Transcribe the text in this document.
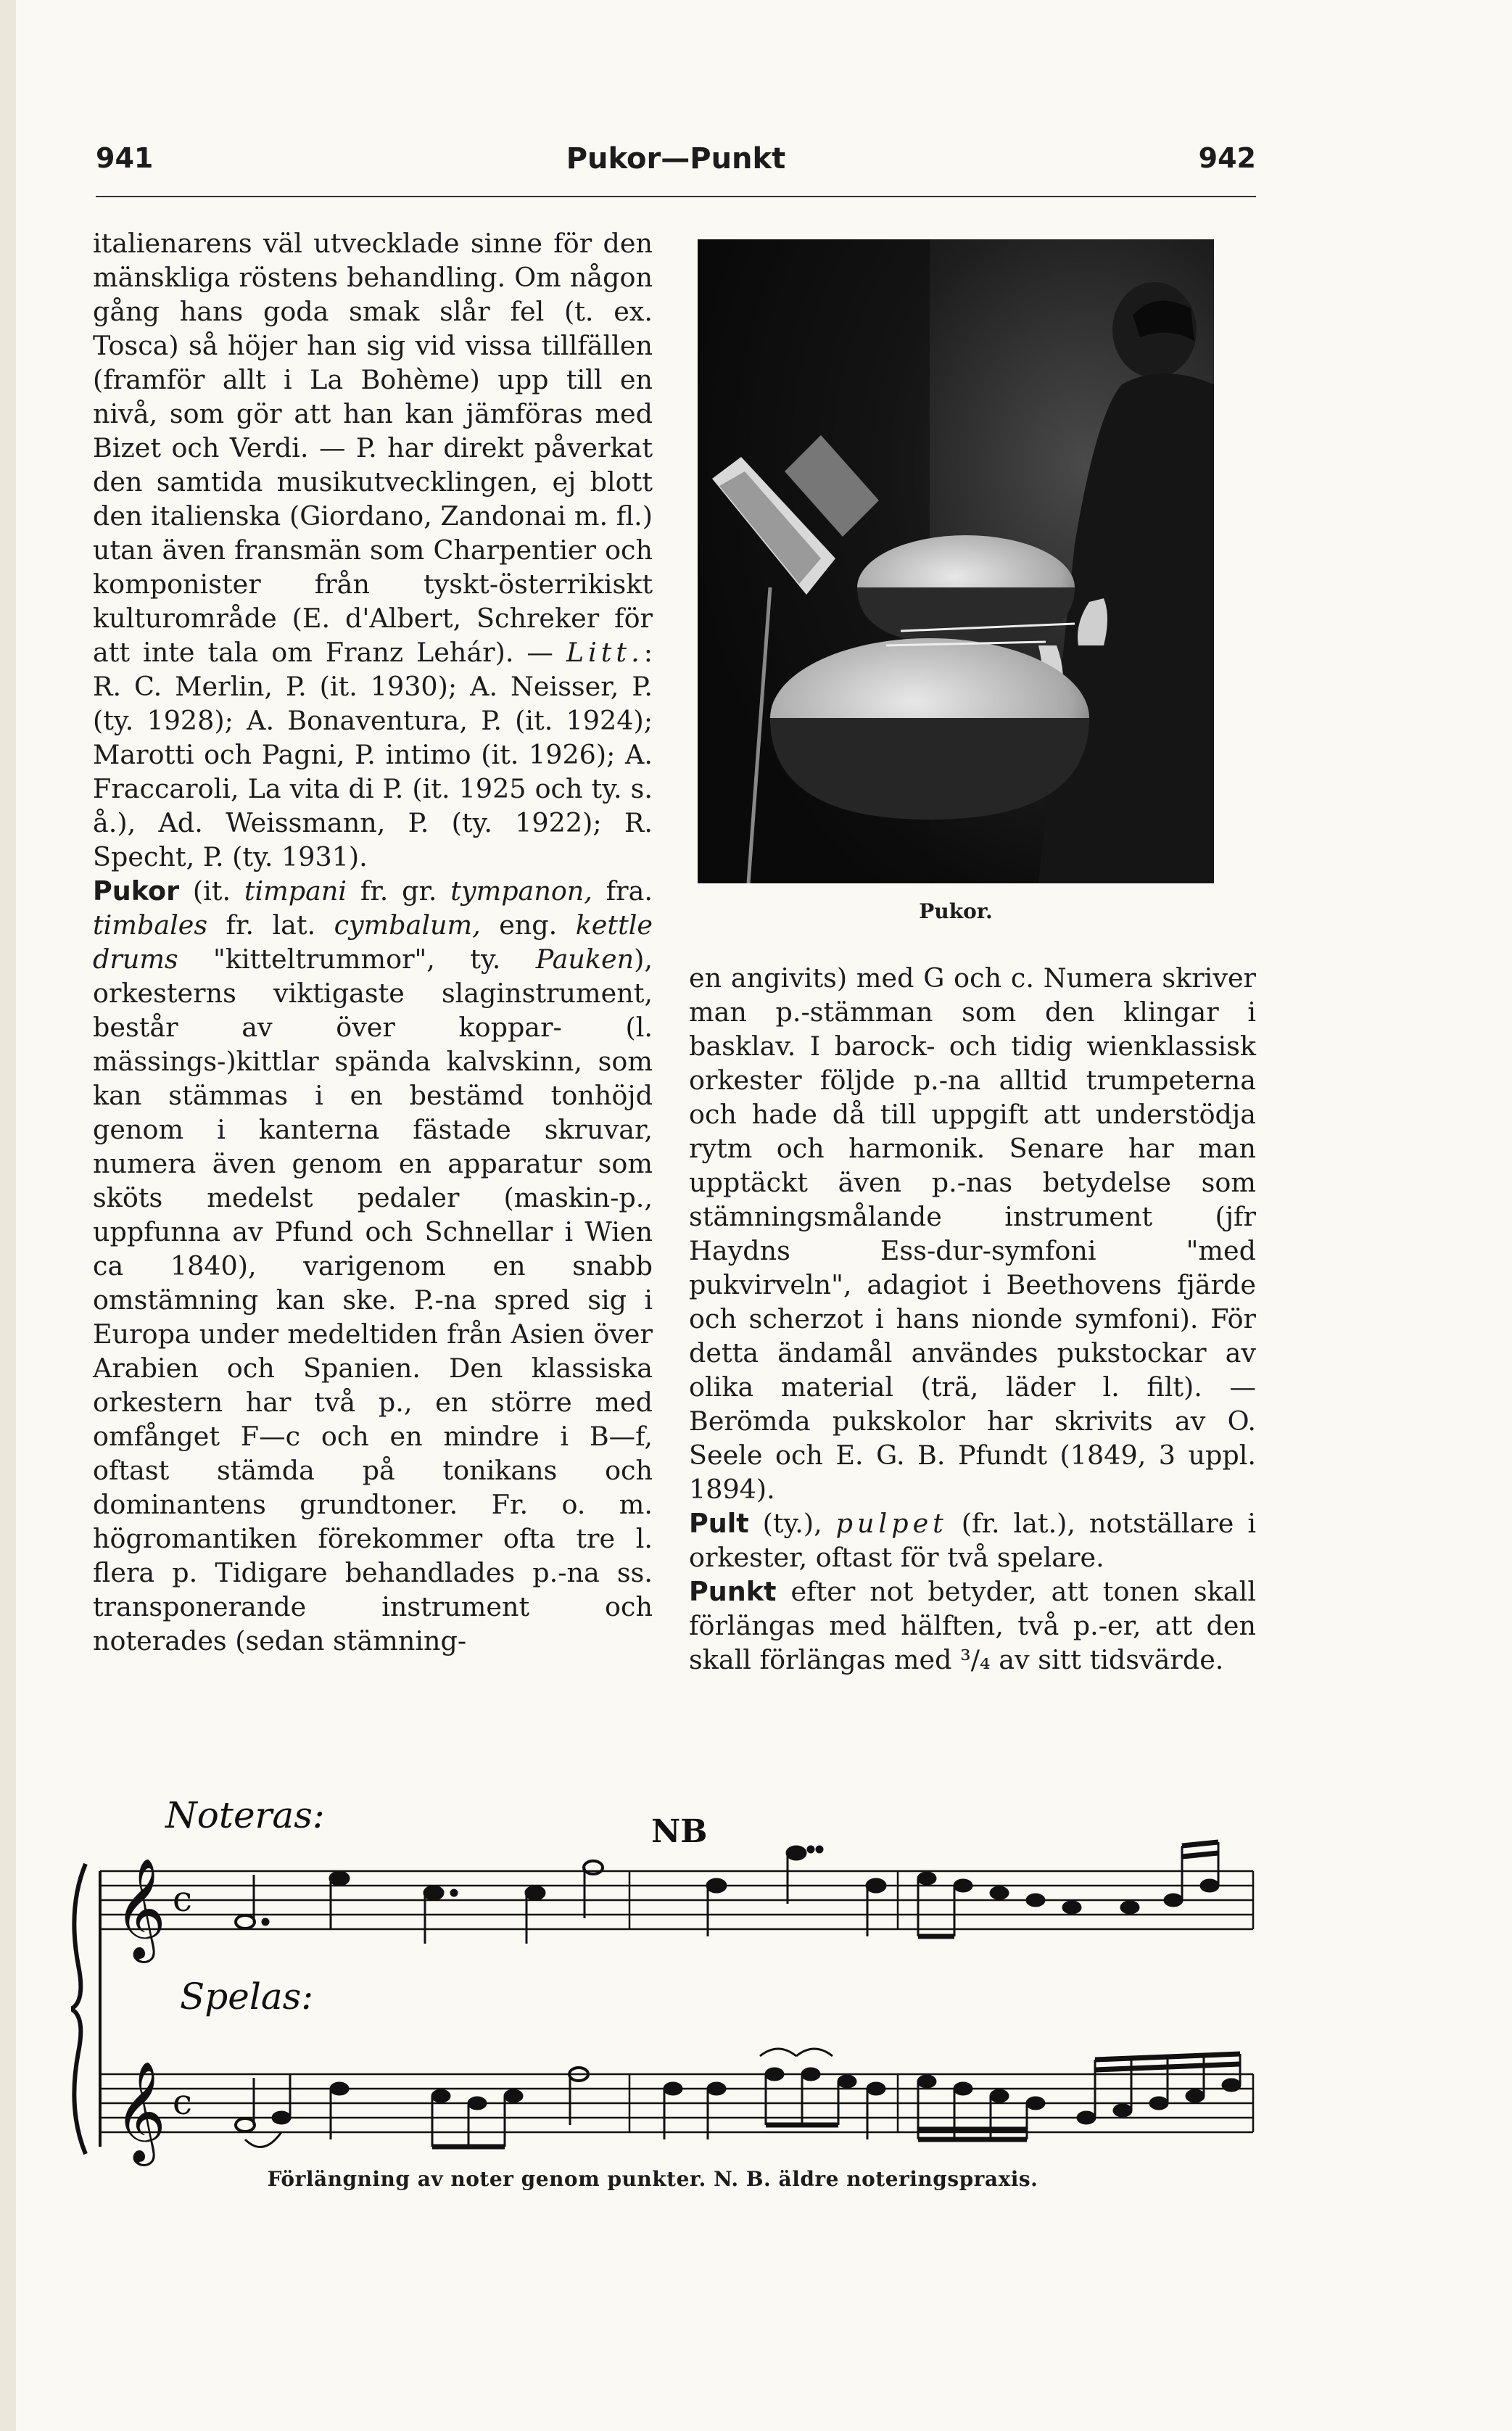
941	Pukor—Punkt	942

italienarens väl utvecklade sinne för den mänskliga röstens behandling. Om någon gång hans goda smak slår fel (t. ex. Tosca) så höjer han sig vid vissa tillfällen (framför allt i La Bohème) upp till en nivå, som gör att han kan jämföras med Bizet och Verdi. — P. har direkt påverkat den samtida musikutvecklingen, ej blott den italienska (Giordano, Zandonai m. fl.) utan även fransmän som Charpentier och komponister från tyskt-österrikiskt kulturområde (E. d'Albert, Schreker för att inte tala om Franz Lehár). — Litt.: R. C. Merlin, P. (it. 1930); A. Neisser, P. (ty. 1928); A. Bonaventura, P. (it. 1924); Marotti och Pagni, P. intimo (it. 1926); A. Fraccaroli, La vita di P. (it. 1925 och ty. s. å.), Ad. Weissmann, P. (ty. 1922); R. Specht, P. (ty. 1931).

Pukor (it. timpani fr. gr. tympanon, fra. timbales fr. lat. cymbalum, eng. kettle drums "kitteltrummor", ty. Pauken), orkesterns viktigaste slaginstrument, består av över koppar- (l. mässings-)kittlar spända kalvskinn, som kan stämmas i en bestämd tonhöjd genom i kanterna fästade skruvar, numera även genom en apparatur som sköts medelst pedaler (maskin-p., uppfunna av Pfund och Schnellar i Wien ca 1840), varigenom en snabb omstämning kan ske. P.-na spred sig i Europa under medeltiden från Asien över Arabien och Spanien. Den klassiska orkestern har två p., en större med omfånget F—c och en mindre i B—f, oftast stämda på tonikans och dominantens grundtoner. Fr. o. m. högromantiken förekommer ofta tre l. flera p. Tidigare behandlades p.-na ss. transponerande instrument och noterades (sedan stämning-

Pukor.

en angivits) med G och c. Numera skriver man p.-stämman som den klingar i basklav. I barock- och tidig wienklassisk orkester följde p.-na alltid trumpeterna och hade då till uppgift att understödja rytm och harmonik. Senare har man upptäckt även p.-nas betydelse som stämningsmålande instrument (jfr Haydns Ess-dur-symfoni "med pukvirveln", adagiot i Beethovens fjärde och scherzot i hans nionde symfoni). För detta ändamål användes pukstockar av olika material (trä, läder l. filt). — Berömda pukskolor har skrivits av O. Seele och E. G. B. Pfundt (1849, 3 uppl. 1894).

Pult (ty.), pulpet (fr. lat.), notställare i orkester, oftast för två spelare.

Punkt efter not betyder, att tonen skall förlängas med hälften, två p.-er, att den skall förlängas med ³/₄ av sitt tidsvärde.

Noteras:	NB
Spelas:
𝄞
𝄞
c
c
Förlängning av noter genom punkter. N. B. äldre noteringspraxis.
